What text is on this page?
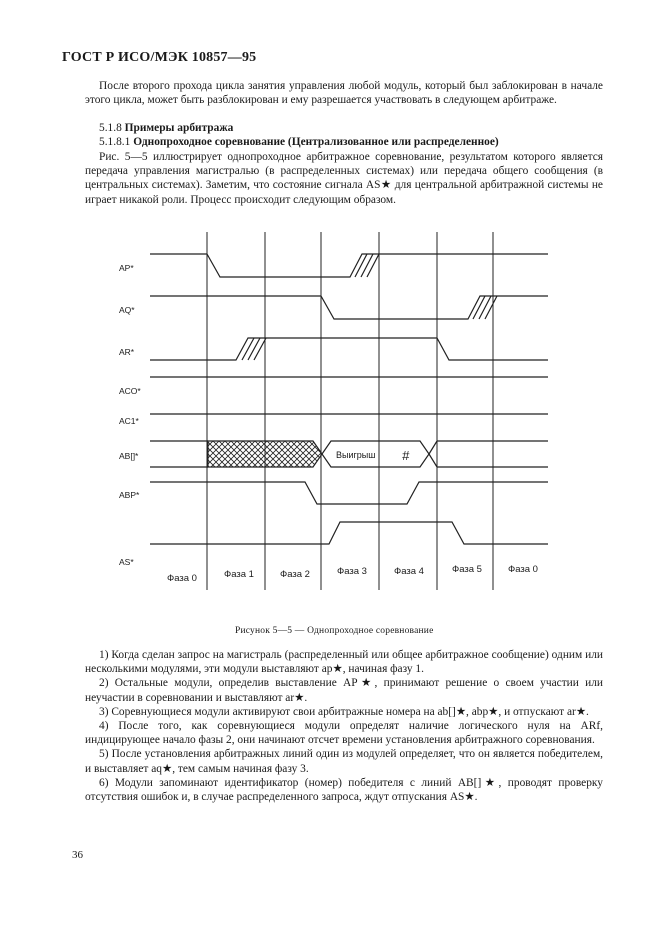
ГОСТ Р ИСО/МЭК 10857—95

После второго прохода цикла занятия управления любой модуль, который был заблокирован в начале этого цикла, может быть разблокирован и ему разрешается участвовать в следующем арбитраже.

5.1.8 Примеры арбитража
5.1.8.1 Однопроходное соревнование (Централизованное или распределенное)

Рис. 5—5 иллюстрирует однопроходное арбитражное соревнование, результатом которого является передача управления магистралью (в распределенных системах) или передача общего сообщения (в центральных системах). Заметим, что состояние сигнала AS★ для центральной арбитражной системы не играет никакой роли. Процесс происходит следующим образом.

AP*
AQ*
AR*
ACO*
AC1*
AB[]*
ABP*
AS*
Выигрыш #
Фаза 0	Фаза 1	Фаза 2	Фаза 3	Фаза 4	Фаза 5	Фаза 0
Рисунок 5—5 — Однопроходное соревнование

1) Когда сделан запрос на магистраль (распределенный или общее арбитражное сообщение) одним или несколькими модулями, эти модули выставляют ap★, начиная фазу 1.

2) Остальные модули, определив выставление AP★, принимают решение о своем участии или неучастии в соревновании и выставляют ar★.

3) Соревнующиеся модули активируют свои арбитражные номера на ab[]★, abp★, и отпускают ar★.

4) После того, как соревнующиеся модули определят наличие логического нуля на ARf, индицирующее начало фазы 2, они начинают отсчет времени установления арбитражного соревнования.

5) После установления арбитражных линий один из модулей определяет, что он является победителем, и выставляет aq★, тем самым начиная фазу 3.

6) Модули запоминают идентификатор (номер) победителя с линий AB[]★, проводят проверку отсутствия ошибок и, в случае распределенного запроса, ждут отпускания AS★.

36
